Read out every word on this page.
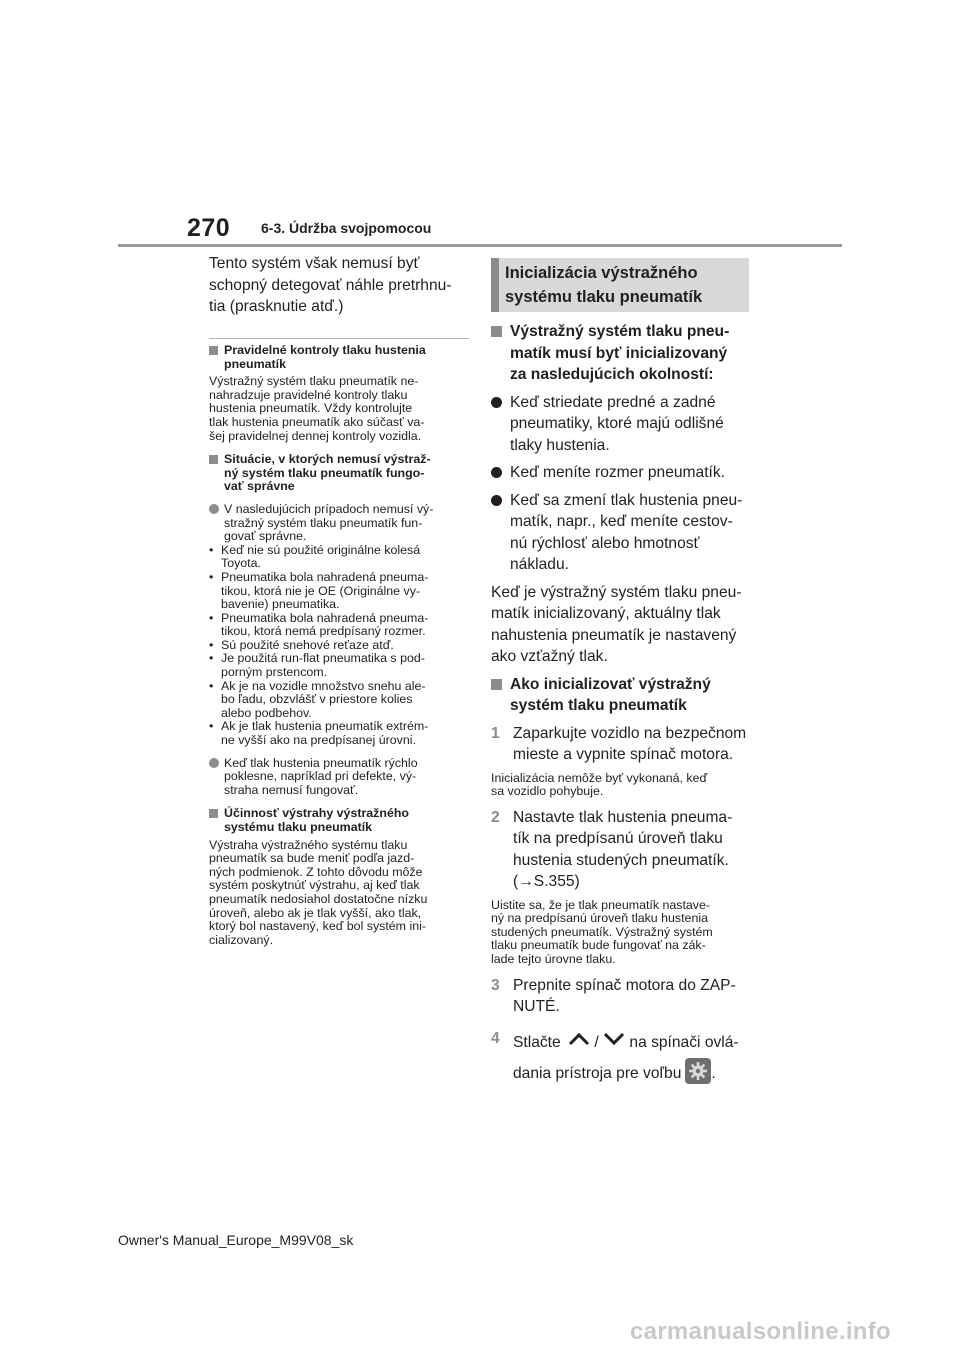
270 6-3. Údržba svojpomocou
Tento systém však nemusí byť
schopný detegovať náhle pretrhnu-
tia (prasknutie atď.)
Pravidelné kontroly tlaku hustenia
pneumatík
Výstražný systém tlaku pneumatík ne-
nahradzuje pravidelné kontroly tlaku
hustenia pneumatík. Vždy kontrolujte
tlak hustenia pneumatík ako súčasť va-
šej pravidelnej dennej kontroly vozidla.
Situácie, v ktorých nemusí výstraž-
ný systém tlaku pneumatík fungo-
vať správne
V nasledujúcich prípadoch nemusí vý-
stražný systém tlaku pneumatík fun-
govať správne.
• Keď nie sú použité originálne kolesá
Toyota.
• Pneumatika bola nahradená pneuma-
tikou, ktorá nie je OE (Originálne vy-
bavenie) pneumatika.
• Pneumatika bola nahradená pneuma-
tikou, ktorá nemá predpísaný rozmer.
• Sú použité snehové reťaze atď.
• Je použitá run-flat pneumatika s pod-
porným prstencom.
• Ak je na vozidle množstvo snehu ale-
bo ľadu, obzvlášť v priestore kolies
alebo podbehov.
• Ak je tlak hustenia pneumatík extrém-
ne vyšší ako na predpísanej úrovni.
Keď tlak hustenia pneumatík rýchlo
poklesne, napríklad pri defekte, vý-
straha nemusí fungovať.
Účinnosť výstrahy výstražného
systému tlaku pneumatík
Výstraha výstražného systému tlaku
pneumatík sa bude meniť podľa jazd-
ných podmienok. Z tohto dôvodu môže
systém poskytnúť výstrahu, aj keď tlak
pneumatík nedosiahol dostatočne nízku
úroveň, alebo ak je tlak vyšší, ako tlak,
ktorý bol nastavený, keď bol systém ini-
cializovaný.
Inicializácia výstražného
systému tlaku pneumatík
Výstražný systém tlaku pneu-
matík musí byť inicializovaný
za nasledujúcich okolností:
Keď striedate predné a zadné
pneumatiky, ktoré majú odlišné
tlaky hustenia.
Keď meníte rozmer pneumatík.
Keď sa zmení tlak hustenia pneu-
matík, napr., keď meníte cestov-
nú rýchlosť alebo hmotnosť
nákladu.
Keď je výstražný systém tlaku pneu-
matík inicializovaný, aktuálny tlak
nahustenia pneumatík je nastavený
ako vzťažný tlak.
Ako inicializovať výstražný
systém tlaku pneumatík
1 Zaparkujte vozidlo na bezpečnom
mieste a vypnite spínač motora.
Inicializácia nemôže byť vykonaná, keď
sa vozidlo pohybuje.
2 Nastavte tlak hustenia pneuma-
tík na predpísanú úroveň tlaku
hustenia studených pneumatík.
(→S.355)
Uistite sa, že je tlak pneumatík nastave-
ný na predpísanú úroveň tlaku hustenia
studených pneumatík. Výstražný systém
tlaku pneumatík bude fungovať na zák-
lade tejto úrovne tlaku.
3 Prepnite spínač motora do ZAP-
NUTÉ.
4 Stlačte / na spínači ovlá-
dania prístroja pre voľbu .
Owner's Manual_Europe_M99V08_sk
carmanualsonline.info
